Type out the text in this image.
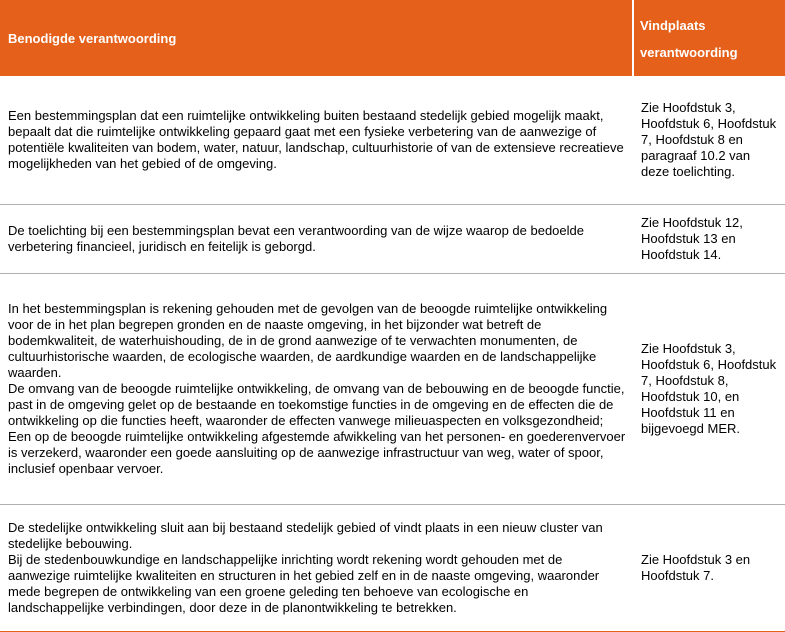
Benodigde verantwoording	Vindplaats verantwoording

Een bestemmingsplan dat een ruimtelijke ontwikkeling buiten bestaand stedelijk gebied mogelijk maakt, bepaalt dat die ruimtelijke ontwikkeling gepaard gaat met een fysieke verbetering van de aanwezige of potentiële kwaliteiten van bodem, water, natuur, landschap, cultuurhistorie of van de extensieve recreatieve mogelijkheden van het gebied of de omgeving.	Zie Hoofdstuk 3, Hoofdstuk 6, Hoofdstuk 7, Hoofdstuk 8 en paragraaf 10.2 van deze toelichting.

De toelichting bij een bestemmingsplan bevat een verantwoording van de wijze waarop de bedoelde verbetering financieel, juridisch en feitelijk is geborgd.	Zie Hoofdstuk 12, Hoofdstuk 13 en Hoofdstuk 14.

In het bestemmingsplan is rekening gehouden met de gevolgen van de beoogde ruimtelijke ontwikkeling voor de in het plan begrepen gronden en de naaste omgeving, in het bijzonder wat betreft de bodemkwaliteit, de waterhuishouding, de in de grond aanwezige of te verwachten monumenten, de cultuurhistorische waarden, de ecologische waarden, de aardkundige waarden en de landschappelijke waarden.
De omvang van de beoogde ruimtelijke ontwikkeling, de omvang van de bebouwing en de beoogde functie, past in de omgeving gelet op de bestaande en toekomstige functies in de omgeving en de effecten die de ontwikkeling op die functies heeft, waaronder de effecten vanwege milieuaspecten en volksgezondheid;
Een op de beoogde ruimtelijke ontwikkeling afgestemde afwikkeling van het personen- en goederenvervoer is verzekerd, waaronder een goede aansluiting op de aanwezige infrastructuur van weg, water of spoor, inclusief openbaar vervoer.	Zie Hoofdstuk 3, Hoofdstuk 6, Hoofdstuk 7, Hoofdstuk 8, Hoofdstuk 10, en Hoofdstuk 11 en bijgevoegd MER.

De stedelijke ontwikkeling sluit aan bij bestaand stedelijk gebied of vindt plaats in een nieuw cluster van stedelijke bebouwing.
Bij de stedenbouwkundige en landschappelijke inrichting wordt rekening wordt gehouden met de aanwezige ruimtelijke kwaliteiten en structuren in het gebied zelf en in de naaste omgeving, waaronder mede begrepen de ontwikkeling van een groene geleding ten behoeve van ecologische en landschappelijke verbindingen, door deze in de planontwikkeling te betrekken.	Zie Hoofdstuk 3 en Hoofdstuk 7.
